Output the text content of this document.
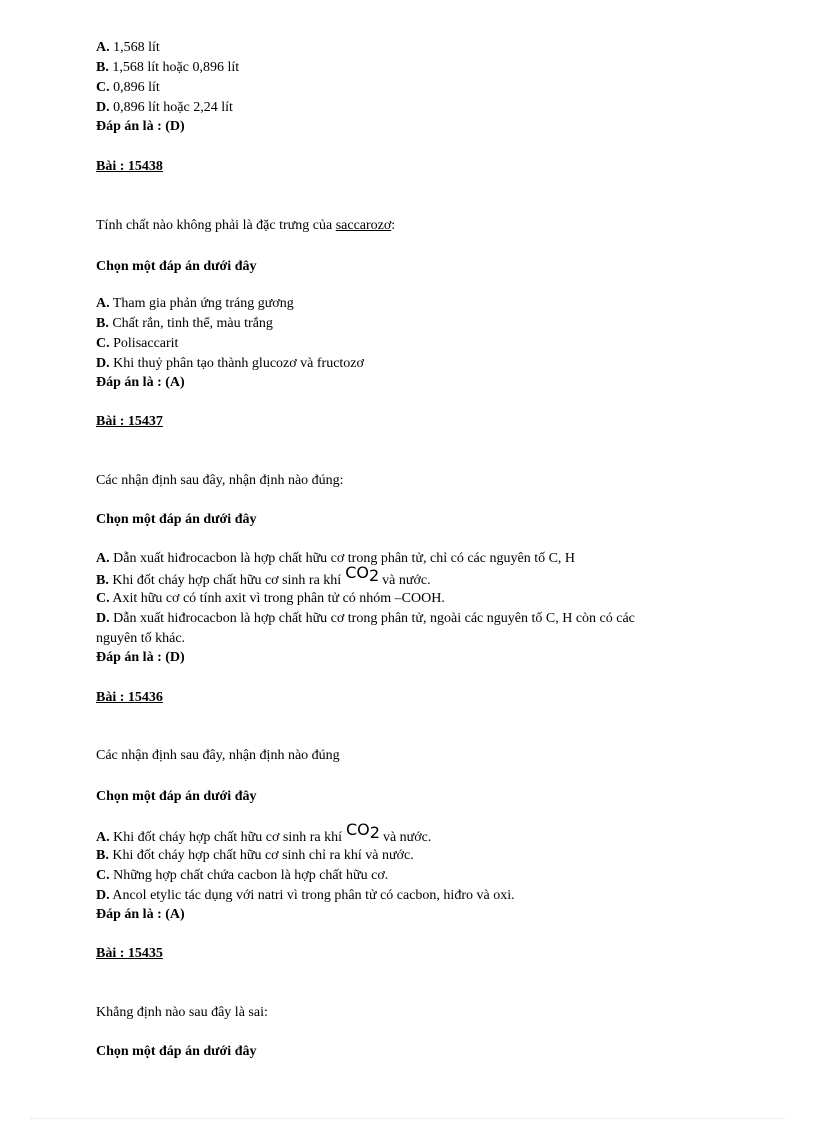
A. 1,568 lít
B. 1,568 lít hoặc 0,896 lít
C. 0,896 lít
D. 0,896 lít hoặc 2,24 lít
Đáp án là : (D)
Bài : 15438
Tính chất nào không phải là đặc trưng của saccarozơ:
Chọn một đáp án dưới đây
A. Tham gia phản ứng tráng gương
B. Chất rắn, tinh thể, màu trắng
C. Polisaccarit
D. Khi thuỷ phân tạo thành glucozơ và fructozơ
Đáp án là : (A)
Bài : 15437
Các nhận định sau đây, nhận định nào đúng:
Chọn một đáp án dưới đây
A. Dẫn xuất hiđrocacbon là hợp chất hữu cơ trong phân tử, chỉ có các nguyên tố C, H
B. Khi đốt cháy hợp chất hữu cơ sinh ra khí $CO_2$ và nước.
C. Axit hữu cơ có tính axit vì trong phân tử có nhóm –COOH.
D. Dẫn xuất hiđrocacbon là hợp chất hữu cơ trong phân tử, ngoài các nguyên tố C, H còn có các
nguyên tố khác.
Đáp án là : (D)
Bài : 15436
Các nhận định sau đây, nhận định nào đúng
Chọn một đáp án dưới đây
A. Khi đốt cháy hợp chất hữu cơ sinh ra khí $CO_2$ và nước.
B. Khi đốt cháy hợp chất hữu cơ sinh chỉ ra khí và nước.
C. Những hợp chất chứa cacbon là hợp chất hữu cơ.
D. Ancol etylic tác dụng với natri vì trong phân tử có cacbon, hiđro và oxi.
Đáp án là : (A)
Bài : 15435
Khẳng định nào sau đây là sai:
Chọn một đáp án dưới đây
